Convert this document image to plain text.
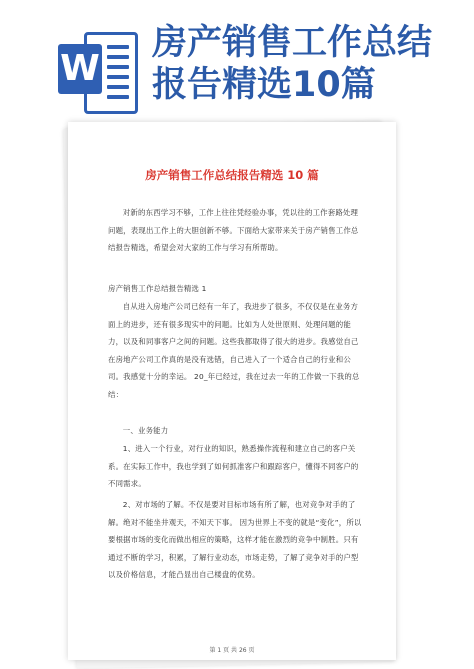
W
房产销售工作总结报告精选10篇
房产销售工作总结报告精选 10 篇
对新的东西学习不够，工作上往往凭经验办事，凭以往的工作套路处理问题，表现出工作上的大胆创新不够。下面给大家带来关于房产销售工作总结报告精选，希望会对大家的工作与学习有所帮助。
房产销售工作总结报告精选 1
自从进入房地产公司已经有一年了，我进步了很多，不仅仅是在业务方面上的进步，还有很多现实中的问题。比如为人处世原则、处理问题的能力，以及和同事客户之间的问题。这些我都取得了很大的进步。我感觉自己在房地产公司工作真的是没有选错，自己进入了一个适合自己的行业和公司。我感觉十分的幸运。 20_年已经过，我在过去一年的工作做一下我的总结：
一、业务能力
1、进入一个行业，对行业的知识，熟悉操作流程和建立自己的客户关系。在实际工作中，我也学到了如何抓准客户和跟踪客户，懂得不同客户的不同需求。
2、对市场的了解。不仅是要对目标市场有所了解，也对竞争对手的了解。绝对不能坐井观天，不知天下事。 因为世界上不变的就是“变化”，所以要根据市场的变化而做出相应的策略，这样才能在激烈的竞争中制胜。只有通过不断的学习，积累，了解行业动态，市场走势，了解了竞争对手的户型以及价格信息，才能凸显出自己楼盘的优势。
第 1 页 共 26 页
